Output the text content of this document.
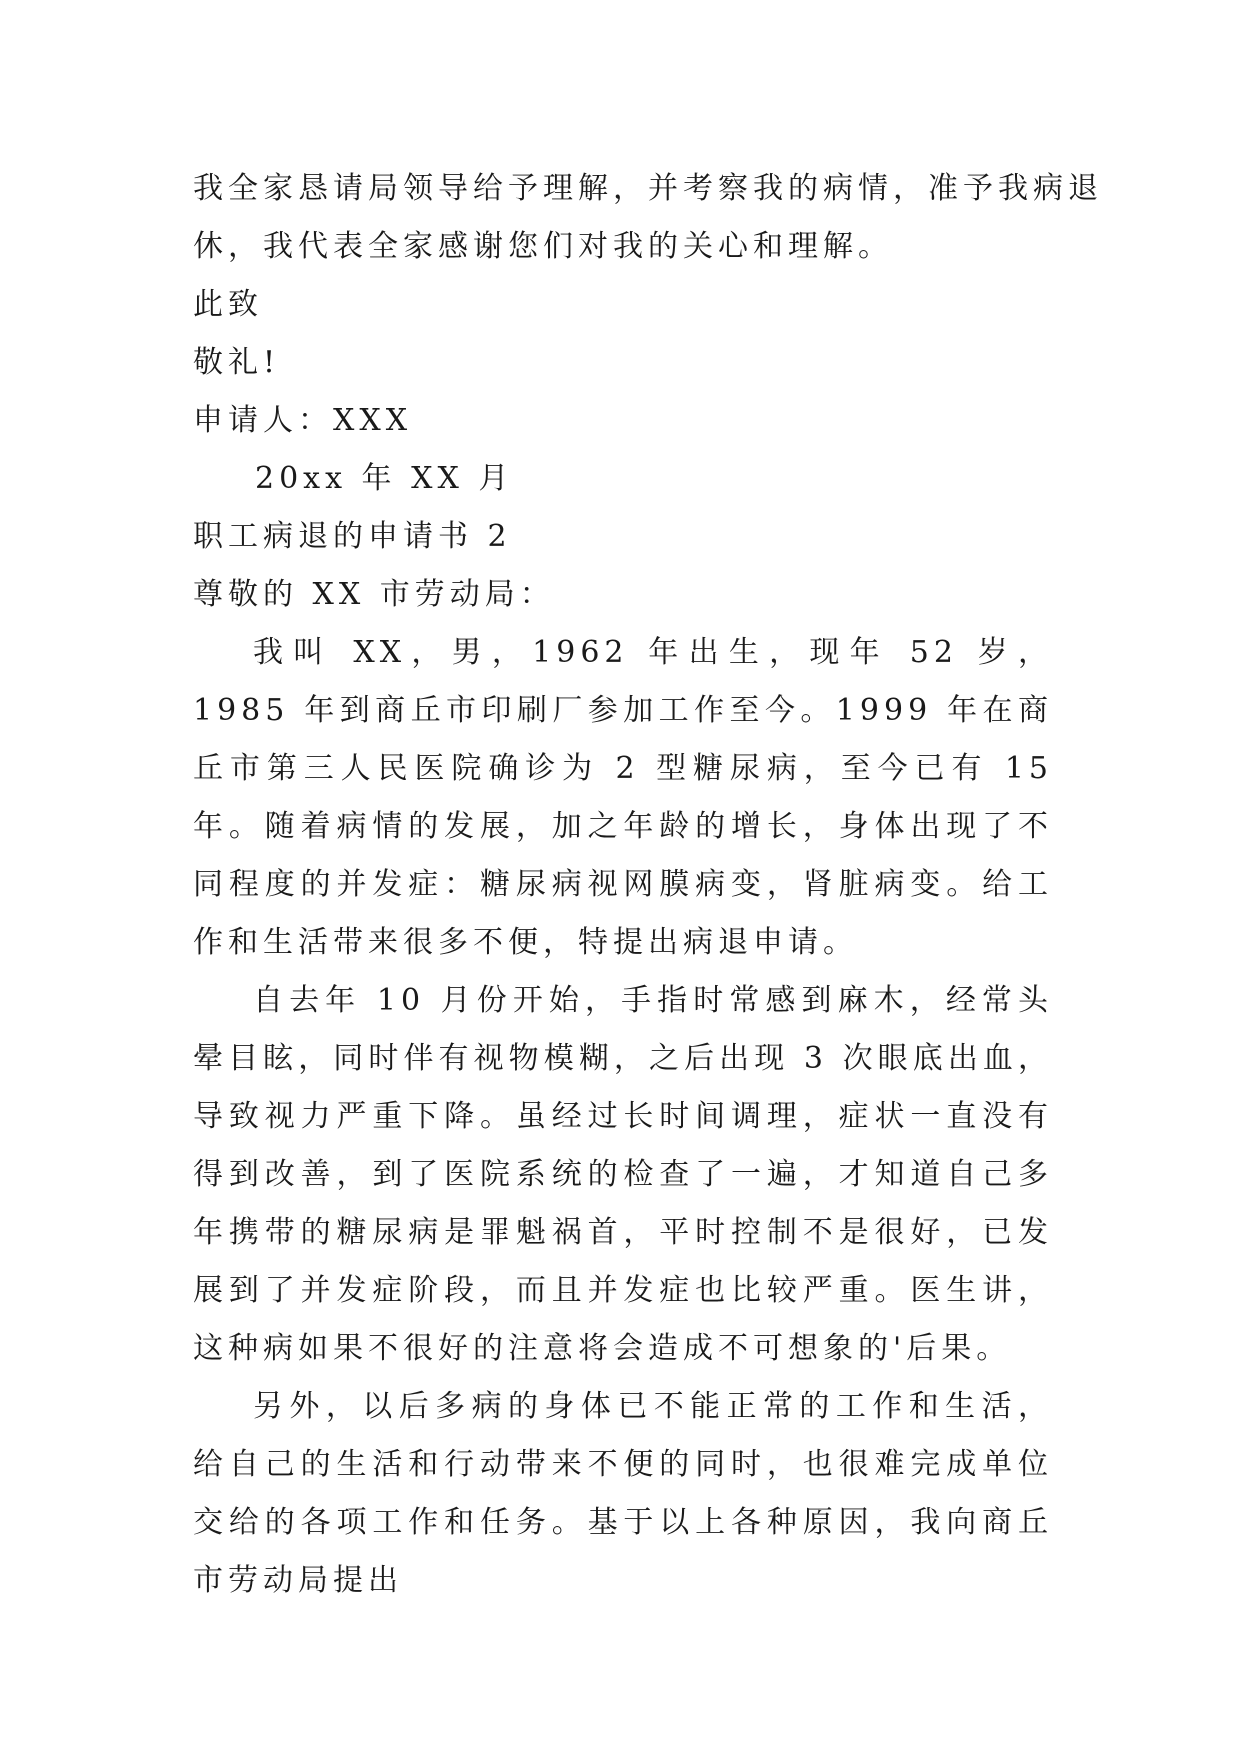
我全家恳请局领导给予理解，并考察我的病情，准予我病退

休，我代表全家感谢您们对我的关心和理解。

此致

敬礼!

申请人：XXX

20xx 年 XX 月

职工病退的申请书 2

尊敬的 XX 市劳动局：

我叫 XX，男，1962 年出生，现年 52 岁，1985 年到商丘市印刷厂参加工作至今。1999 年在商丘市第三人民医院确诊为 2 型糖尿病，至今已有 15 年。随着病情的发展，加之年龄的增长，身体出现了不同程度的并发症：糖尿病视网膜病变，肾脏病变。给工作和生活带来很多不便，特提出病退申请。

自去年 10 月份开始，手指时常感到麻木，经常头晕目眩，同时伴有视物模糊，之后出现 3 次眼底出血，导致视力严重下降。虽经过长时间调理，症状一直没有得到改善，到了医院系统的检查了一遍，才知道自己多年携带的糖尿病是罪魁祸首，平时控制不是很好，已发展到了并发症阶段，而且并发症也比较严重。医生讲，这种病如果不很好的注意将会造成不可想象的'后果。

另外，以后多病的身体已不能正常的工作和生活，给自己的生活和行动带来不便的同时，也很难完成单位交给的各项工作和任务。基于以上各种原因，我向商丘市劳动局提出
